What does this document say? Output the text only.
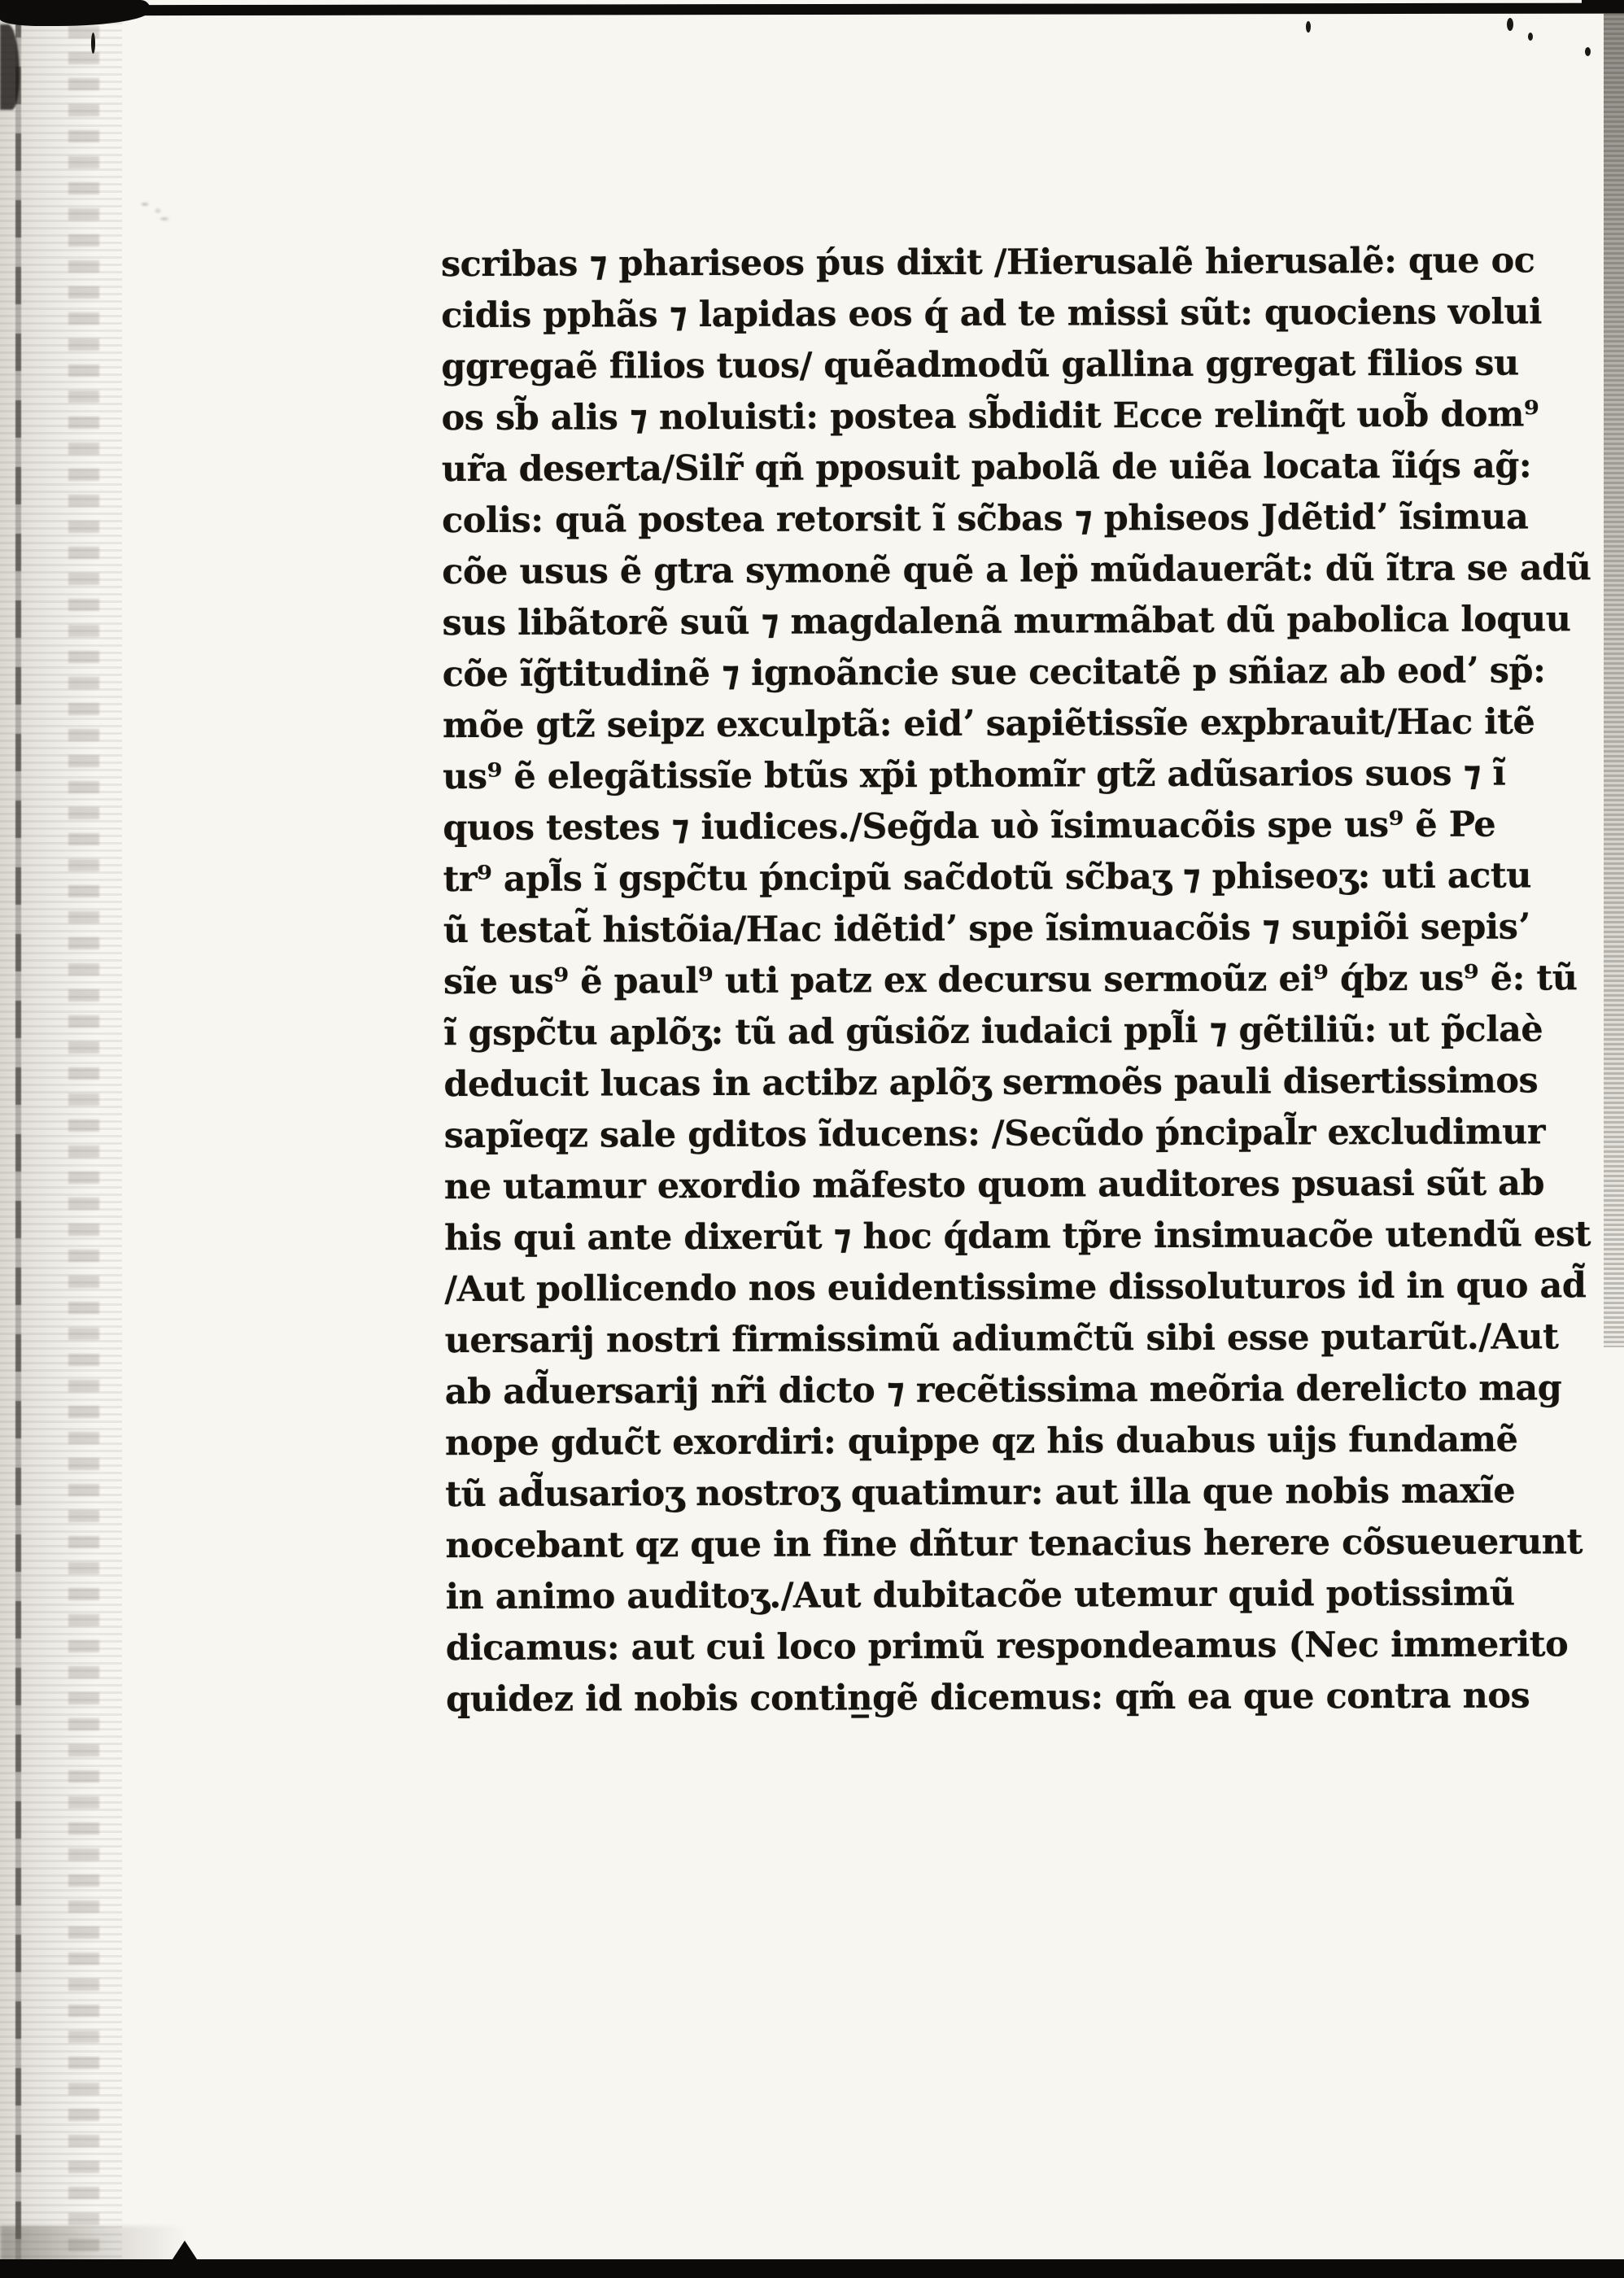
scribas ⁊ phariseos ṕus dixit /Hierusalẽ hierusalẽ: que oc
cidis pphãs ⁊ lapidas eos q́ ad te missi sũt: quociens volui
ggregaẽ filios tuos/ quẽadmodũ gallina ggregat filios su
os sb̃ alis ⁊ noluisti: postea sb̃didit Ecce relinq̃t uob̃ dom⁹
ur̃a deserta/Silr̃ qñ pposuit pabolã de uiẽa locata ĩiq́s ag̃:
colis: quã postea retorsit ĩ sc̃bas ⁊ phiseos Jdẽtidʼ ĩsimua
cõe usus ẽ gtra symonẽ quẽ a lep̈ mũdauerãt: dũ ĩtra se adũ
sus libãtorẽ suũ ⁊ magdalenã murmãbat dũ pabolica loquu
cõe ĩg̃titudinẽ ⁊ ignoãncie sue cecitatẽ p sñiaz ab eodʼ sp̃:
mõe gtz̃ seipz exculptã: eidʼ sapiẽtissĩe expbrauit/Hac itẽ
us⁹ ẽ elegãtissĩe btũs xp̃i pthomĩr gtz̃ adũsarios suos ⁊ ĩ
quos testes ⁊ iudices./Seg̃da uò ĩsimuacõis spe us⁹ ẽ Pe
tr⁹ apl̃s ĩ gspc̃tu ṕncipũ sac̃dotũ sc̃baʒ ⁊ phiseoʒ: uti actu
ũ testat̃ histõia/Hac idẽtidʼ spe ĩsimuacõis ⁊ supiõi sepisʼ
sĩe us⁹ ẽ paul⁹ uti patz ex decursu sermoũz ei⁹ q́bz us⁹ ẽ: tũ
ĩ gspc̃tu aplõʒ: tũ ad gũsiõz iudaici ppl̃i ⁊ gẽtiliũ: ut p̃claè
deducit lucas in actibz aplõʒ sermoẽs pauli disertissimos
sapĩeqz sale gditos ĩducens: /Secũdo ṕncipal̃r excludimur
ne utamur exordio mãfesto quom auditores psuasi sũt ab
his qui ante dixerũt ⁊ hoc q́dam tp̃re insimuacõe utendũ est
/Aut pollicendo nos euidentissime dissoluturos id in quo ad̃
uersarij nostri firmissimũ adiumc̃tũ sibi esse putarũt./Aut
ab ad̃uersarij nr̃i dicto ⁊ recẽtissima meõria derelicto mag
nope gduc̃t exordiri: quippe qz his duabus uijs fundamẽ
tũ ad̃usarioʒ nostroʒ quatimur: aut illa que nobis maxĩe
nocebant qz que in fine dñtur tenacius herere cõsueuerunt
in animo auditoʒ./Aut dubitacõe utemur quid potissimũ
dicamus: aut cui loco primũ respondeamus (Nec immerito
quidez id nobis contin̲gẽ dicemus: qm̃ ea que contra nos
